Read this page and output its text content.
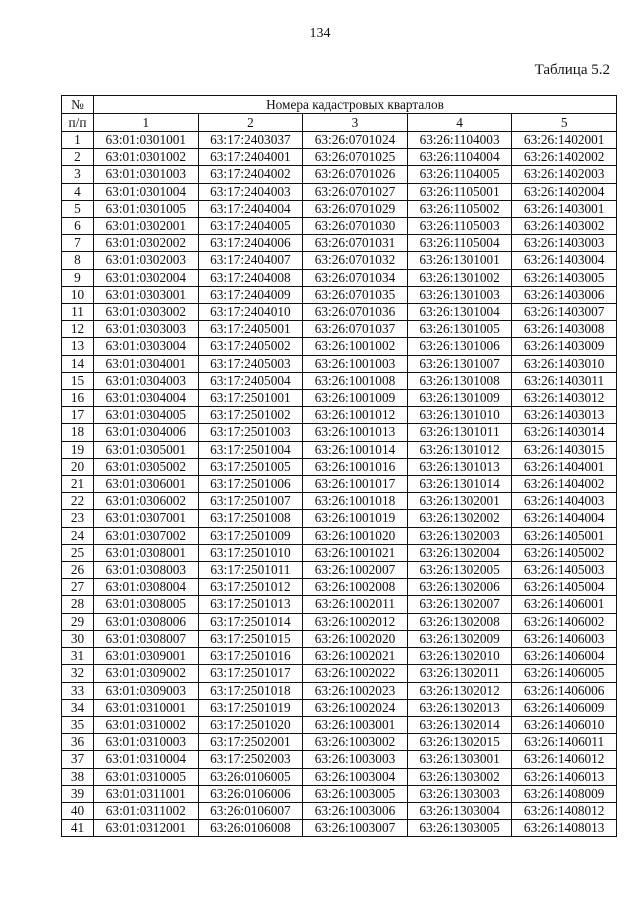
134
Таблица 5.2
№	Номера кадастровых кварталов				
п/п	1	2	3	4	5
1	63:01:0301001	63:17:2403037	63:26:0701024	63:26:1104003	63:26:1402001
2	63:01:0301002	63:17:2404001	63:26:0701025	63:26:1104004	63:26:1402002
3	63:01:0301003	63:17:2404002	63:26:0701026	63:26:1104005	63:26:1402003
4	63:01:0301004	63:17:2404003	63:26:0701027	63:26:1105001	63:26:1402004
5	63:01:0301005	63:17:2404004	63:26:0701029	63:26:1105002	63:26:1403001
6	63:01:0302001	63:17:2404005	63:26:0701030	63:26:1105003	63:26:1403002
7	63:01:0302002	63:17:2404006	63:26:0701031	63:26:1105004	63:26:1403003
8	63:01:0302003	63:17:2404007	63:26:0701032	63:26:1301001	63:26:1403004
9	63:01:0302004	63:17:2404008	63:26:0701034	63:26:1301002	63:26:1403005
10	63:01:0303001	63:17:2404009	63:26:0701035	63:26:1301003	63:26:1403006
11	63:01:0303002	63:17:2404010	63:26:0701036	63:26:1301004	63:26:1403007
12	63:01:0303003	63:17:2405001	63:26:0701037	63:26:1301005	63:26:1403008
13	63:01:0303004	63:17:2405002	63:26:1001002	63:26:1301006	63:26:1403009
14	63:01:0304001	63:17:2405003	63:26:1001003	63:26:1301007	63:26:1403010
15	63:01:0304003	63:17:2405004	63:26:1001008	63:26:1301008	63:26:1403011
16	63:01:0304004	63:17:2501001	63:26:1001009	63:26:1301009	63:26:1403012
17	63:01:0304005	63:17:2501002	63:26:1001012	63:26:1301010	63:26:1403013
18	63:01:0304006	63:17:2501003	63:26:1001013	63:26:1301011	63:26:1403014
19	63:01:0305001	63:17:2501004	63:26:1001014	63:26:1301012	63:26:1403015
20	63:01:0305002	63:17:2501005	63:26:1001016	63:26:1301013	63:26:1404001
21	63:01:0306001	63:17:2501006	63:26:1001017	63:26:1301014	63:26:1404002
22	63:01:0306002	63:17:2501007	63:26:1001018	63:26:1302001	63:26:1404003
23	63:01:0307001	63:17:2501008	63:26:1001019	63:26:1302002	63:26:1404004
24	63:01:0307002	63:17:2501009	63:26:1001020	63:26:1302003	63:26:1405001
25	63:01:0308001	63:17:2501010	63:26:1001021	63:26:1302004	63:26:1405002
26	63:01:0308003	63:17:2501011	63:26:1002007	63:26:1302005	63:26:1405003
27	63:01:0308004	63:17:2501012	63:26:1002008	63:26:1302006	63:26:1405004
28	63:01:0308005	63:17:2501013	63:26:1002011	63:26:1302007	63:26:1406001
29	63:01:0308006	63:17:2501014	63:26:1002012	63:26:1302008	63:26:1406002
30	63:01:0308007	63:17:2501015	63:26:1002020	63:26:1302009	63:26:1406003
31	63:01:0309001	63:17:2501016	63:26:1002021	63:26:1302010	63:26:1406004
32	63:01:0309002	63:17:2501017	63:26:1002022	63:26:1302011	63:26:1406005
33	63:01:0309003	63:17:2501018	63:26:1002023	63:26:1302012	63:26:1406006
34	63:01:0310001	63:17:2501019	63:26:1002024	63:26:1302013	63:26:1406009
35	63:01:0310002	63:17:2501020	63:26:1003001	63:26:1302014	63:26:1406010
36	63:01:0310003	63:17:2502001	63:26:1003002	63:26:1302015	63:26:1406011
37	63:01:0310004	63:17:2502003	63:26:1003003	63:26:1303001	63:26:1406012
38	63:01:0310005	63:26:0106005	63:26:1003004	63:26:1303002	63:26:1406013
39	63:01:0311001	63:26:0106006	63:26:1003005	63:26:1303003	63:26:1408009
40	63:01:0311002	63:26:0106007	63:26:1003006	63:26:1303004	63:26:1408012
41	63:01:0312001	63:26:0106008	63:26:1003007	63:26:1303005	63:26:1408013
